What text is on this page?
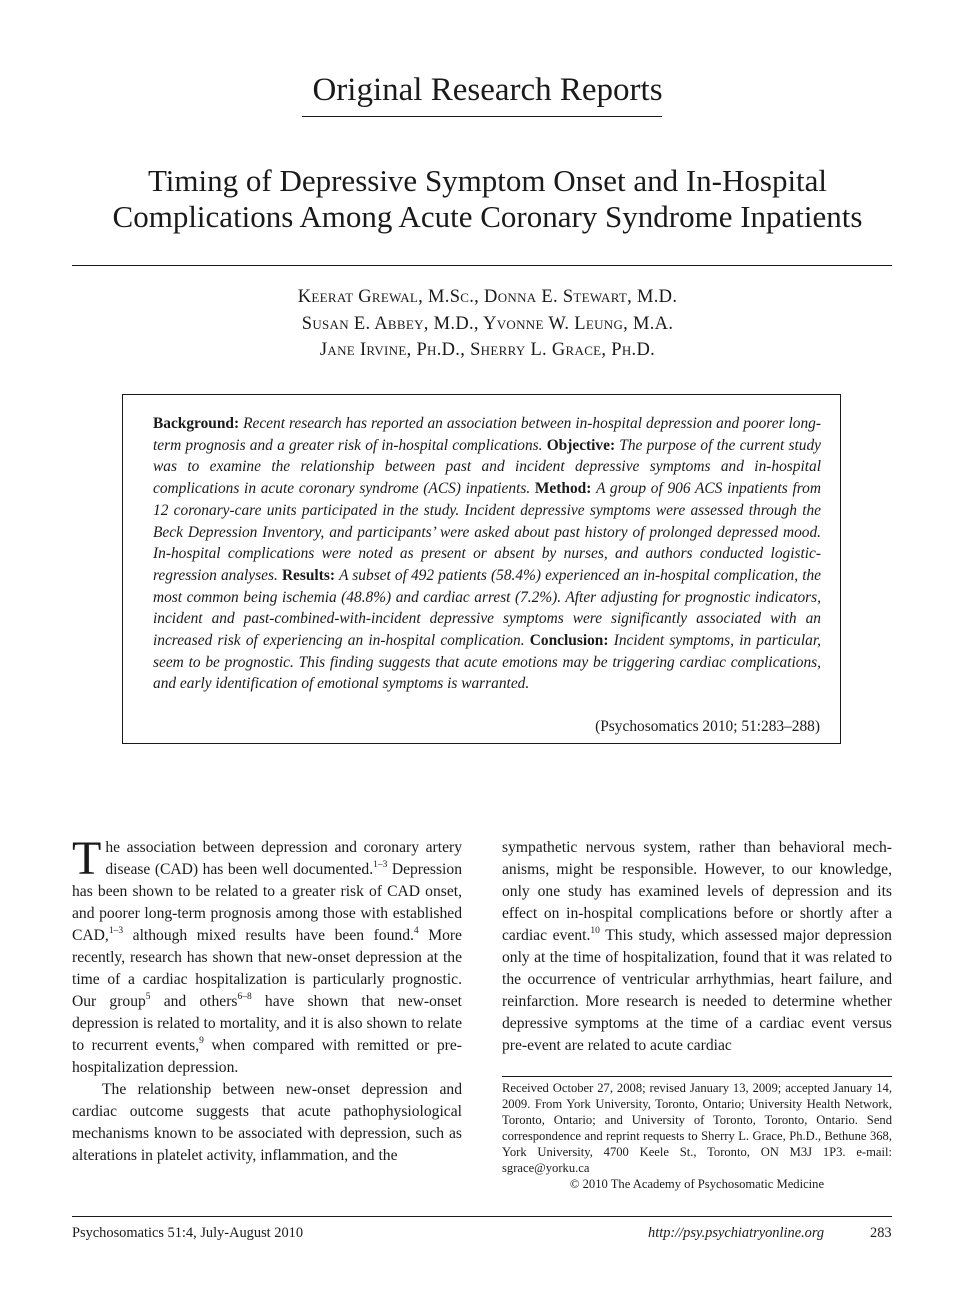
Original Research Reports
Timing of Depressive Symptom Onset and In-Hospital
Complications Among Acute Coronary Syndrome Inpatients
Keerat Grewal, M.Sc., Donna E. Stewart, M.D.
Susan E. Abbey, M.D., Yvonne W. Leung, M.A.
Jane Irvine, Ph.D., Sherry L. Grace, Ph.D.
Background: Recent research has reported an association between in-hospital depression and poorer long-term prognosis and a greater risk of in-hospital complications. Objective: The purpose of the current study was to examine the relationship between past and incident depressive symptoms and in-hospital complications in acute coronary syndrome (ACS) inpatients. Method: A group of 906 ACS inpatients from 12 coronary-care units participated in the study. Incident depressive symptoms were assessed through the Beck Depression Inventory, and participants’ were asked about past history of prolonged depressed mood. In-hospital complications were noted as present or absent by nurses, and authors conducted logistic-regression analyses. Results: A subset of 492 patients (58.4%) experienced an in-hospital complication, the most common being ischemia (48.8%) and cardiac arrest (7.2%). After adjusting for prognostic indicators, incident and past-combined-with-incident depressive symptoms were significantly associated with an increased risk of experiencing an in-hospital complication. Conclusion: Incident symptoms, in particular, seem to be prognostic. This finding suggests that acute emotions may be triggering cardiac complications, and early identification of emotional symptoms is warranted.
(Psychosomatics 2010; 51:283–288)

The association between depression and coronary artery disease (CAD) has been well documented.$^{1-3}$ Depression has been shown to be related to a greater risk of CAD onset, and poorer long-term prognosis among those with established CAD,$^{1-3}$ although mixed results have been found.$^4$ More recently, research has shown that new-onset depression at the time of a cardiac hospitalization is particularly prognostic. Our group$^5$ and others$^{6-8}$ have shown that new-onset depression is related to mortality, and it is also shown to relate to recurrent events,$^9$ when compared with remitted or pre-hospitalization depression.

The relationship between new-onset depression and cardiac outcome suggests that acute pathophysiological mechanisms known to be associated with depression, such as alterations in platelet activity, inflammation, and the

sympathetic nervous system, rather than behavioral mechanisms, might be responsible. However, to our knowledge, only one study has examined levels of depression and its effect on in-hospital complications before or shortly after a cardiac event.$^{10}$ This study, which assessed major depression only at the time of hospitalization, found that it was related to the occurrence of ventricular arrhythmias, heart failure, and reinfarction. More research is needed to determine whether depressive symptoms at the time of a cardiac event versus pre-event are related to acute cardiac

Received October 27, 2008; revised January 13, 2009; accepted January 14, 2009. From York University, Toronto, Ontario; University Health Network, Toronto, Ontario; and University of Toronto, Toronto, Ontario. Send correspondence and reprint requests to Sherry L. Grace, Ph.D., Bethune 368, York University, 4700 Keele St., Toronto, ON M3J 1P3. e-mail: sgrace@yorku.ca

© 2010 The Academy of Psychosomatic Medicine

Psychosomatics 51:4, July-August 2010	http://psy.psychiatryonline.org	283
